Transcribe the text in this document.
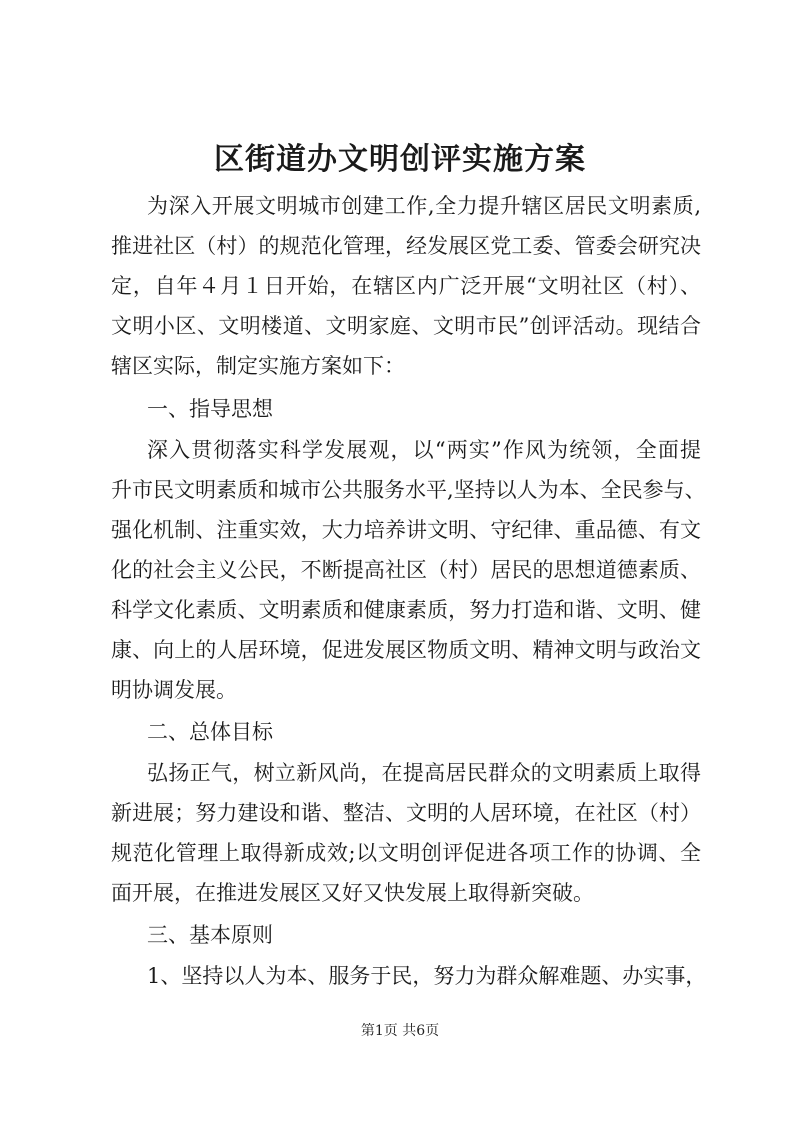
区街道办文明创评实施方案

为深入开展文明城市创建工作,全力提升辖区居民文明素质,

推进社区（村）的规范化管理，经发展区党工委、管委会研究决

定，自年４月１日开始，在辖区内广泛开展“文明社区（村）、

文明小区、文明楼道、文明家庭、文明市民”创评活动。现结合

辖区实际，制定实施方案如下：

一、指导思想

深入贯彻落实科学发展观，以“两实”作风为统领，全面提

升市民文明素质和城市公共服务水平,坚持以人为本、全民参与、

强化机制、注重实效，大力培养讲文明、守纪律、重品德、有文

化的社会主义公民，不断提高社区（村）居民的思想道德素质、

科学文化素质、文明素质和健康素质，努力打造和谐、文明、健

康、向上的人居环境，促进发展区物质文明、精神文明与政治文

明协调发展。

二、总体目标

弘扬正气，树立新风尚，在提高居民群众的文明素质上取得

新进展；努力建设和谐、整洁、文明的人居环境，在社区（村）

规范化管理上取得新成效;以文明创评促进各项工作的协调、全

面开展，在推进发展区又好又快发展上取得新突破。

三、基本原则

1、坚持以人为本、服务于民，努力为群众解难题、办实事，

第1页 共6页
